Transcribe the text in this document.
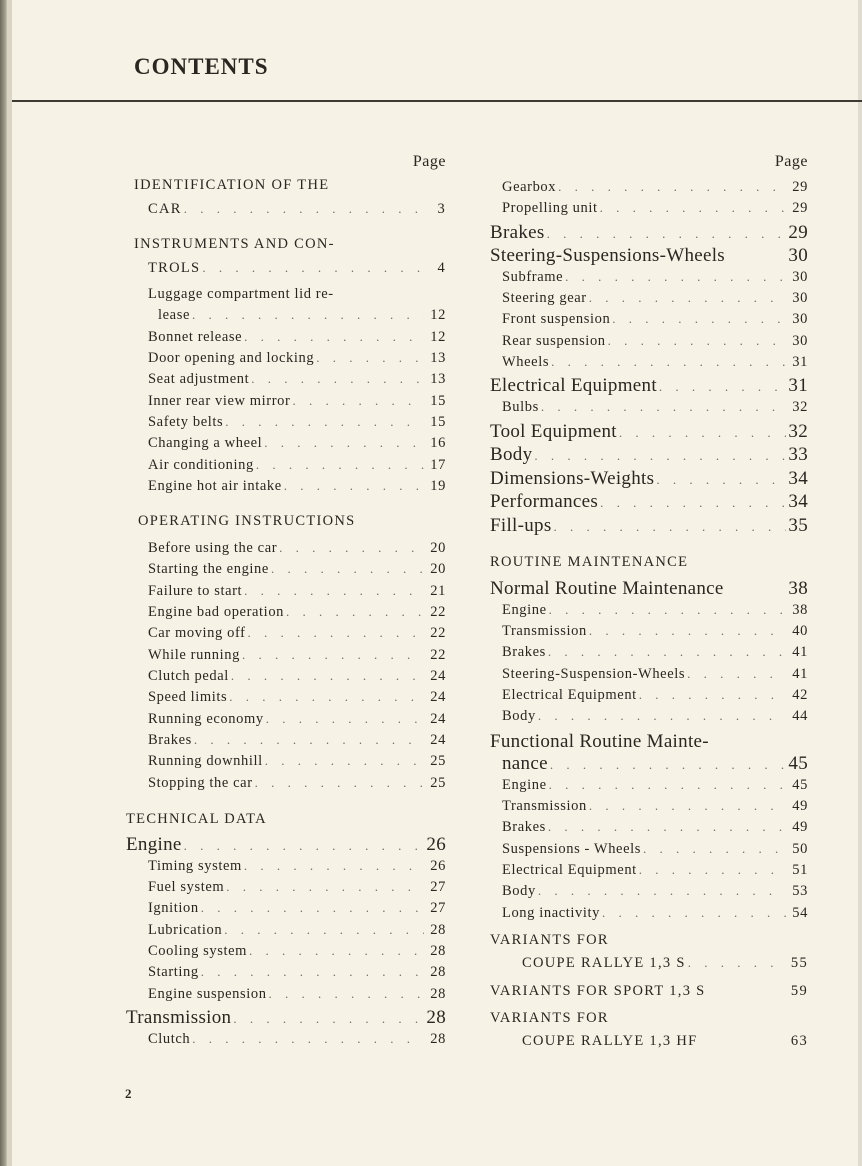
CONTENTS
Page
IDENTIFICATION OF THE
CAR . . .	3
INSTRUMENTS AND CON-
TROLS . . .	4
Luggage compartment lid re-
lease . . .	12
Bonnet release . . .	12
Door opening and locking . . .	13
Seat adjustment . . .	13
Inner rear view mirror . . .	15
Safety belts . . .	15
Changing a wheel . . .	16
Air conditioning . . .	17
Engine hot air intake . . .	19
OPERATING INSTRUCTIONS
Before using the car . . .	20
Starting the engine . . .	20
Failure to start . . .	21
Engine bad operation . . .	22
Car moving off . . .	22
While running . . .	22
Clutch pedal . . .	24
Speed limits . . .	24
Running economy . . .	24
Brakes . . .	24
Running downhill . . .	25
Stopping the car . . .	25
TECHNICAL DATA
Engine . . .	26
Timing system . . .	26
Fuel system . . .	27
Ignition . . .	27
Lubrication . . .	28
Cooling system . . .	28
Starting . . .	28
Engine suspension . . .	28
Transmission . . .	28
Clutch . . .	28
Page
Gearbox . . .	29
Propelling unit . . .	29
Brakes . . .	29
Steering-Suspensions-Wheels	30
Subframe . . .	30
Steering gear . . .	30
Front suspension . . .	30
Rear suspension . . .	30
Wheels . . .	31
Electrical Equipment . . .	31
Bulbs . . .	32
Tool Equipment . . .	32
Body . . .	33
Dimensions-Weights . . .	34
Performances . . .	34
Fill-ups . . .	35
ROUTINE MAINTENANCE
Normal Routine Maintenance	38
Engine . . .	38
Transmission . . .	40
Brakes . . .	41
Steering-Suspension-Wheels . . .	41
Electrical Equipment . . .	42
Body . . .	44
Functional Routine Mainte-
nance . . .	45
Engine . . .	45
Transmission . . .	49
Brakes . . .	49
Suspensions - Wheels . . .	50
Electrical Equipment . . .	51
Body . . .	53
Long inactivity . . .	54
VARIANTS FOR
COUPE RALLYE 1,3 S . . .	55
VARIANTS FOR SPORT 1,3 S	59
VARIANTS FOR
COUPE RALLYE 1,3 HF	63
2
